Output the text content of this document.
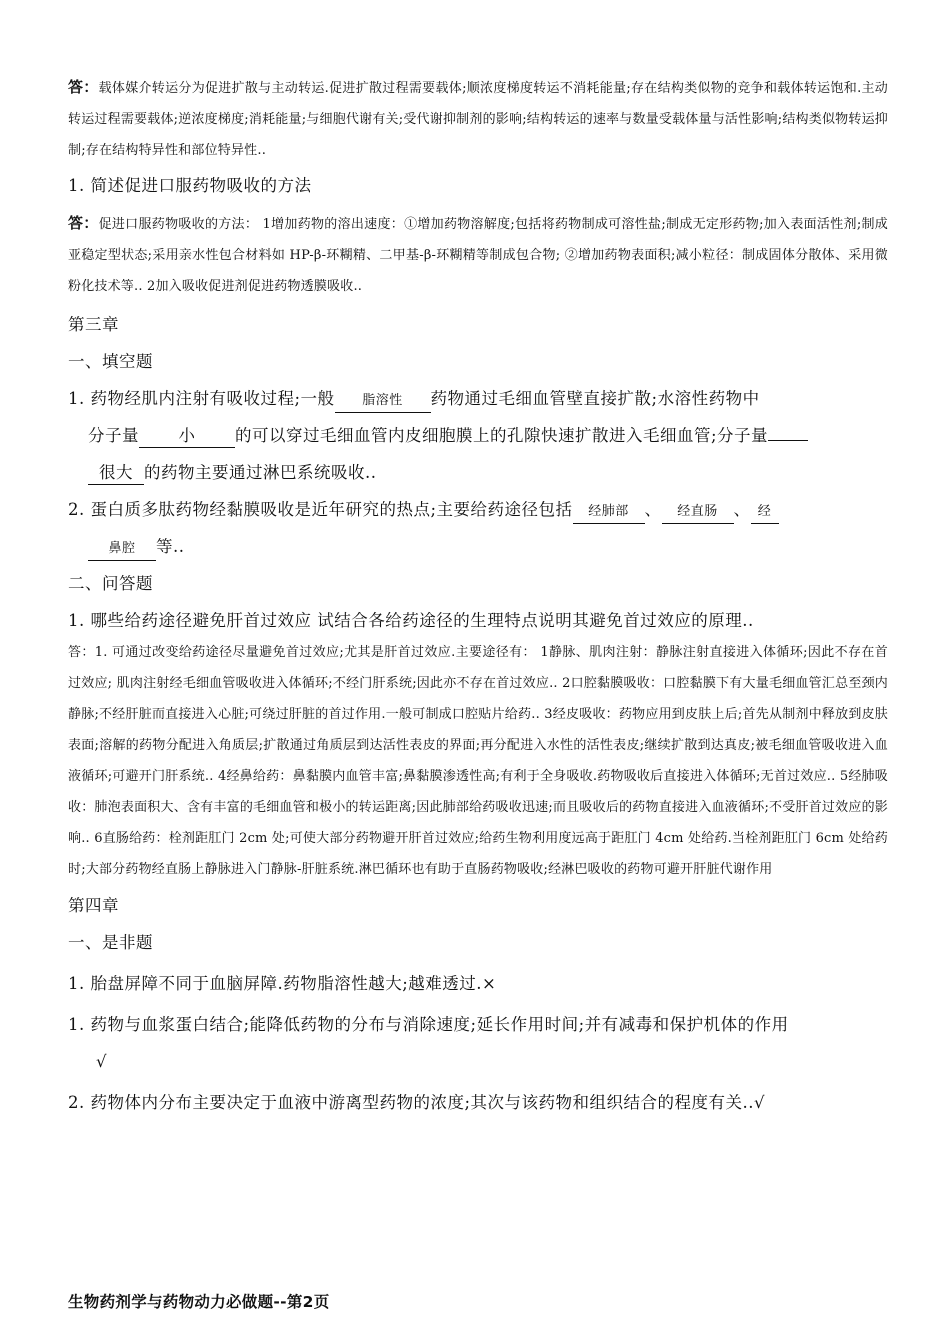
答：载体媒介转运分为促进扩散与主动转运.促进扩散过程需要载体;顺浓度梯度转运不消耗能量;存在结构类似物的竞争和载体转运饱和.主动转运过程需要载体;逆浓度梯度;消耗能量;与细胞代谢有关;受代谢抑制剂的影响;结构转运的速率与数量受载体量与活性影响;结构类似物转运抑制;存在结构特异性和部位特异性..

1. 简述促进口服药物吸收的方法

答：促进口服药物吸收的方法： 1增加药物的溶出速度：①增加药物溶解度;包括将药物制成可溶性盐;制成无定形药物;加入表面活性剂;制成亚稳定型状态;采用亲水性包合材料如 HP-β-环糊精、二甲基-β-环糊精等制成包合物; ②增加药物表面积;减小粒径：制成固体分散体、采用微粉化技术等.. 2加入吸收促进剂促进药物透膜吸收..

第三章

一、填空题

1. 药物经肌内注射有吸收过程;一般 脂溶性 药物通过毛细血管壁直接扩散;水溶性药物中

分子量 小 的可以穿过毛细血管内皮细胞膜上的孔隙快速扩散进入毛细血管;分子量

很大 的药物主要通过淋巴系统吸收..

2. 蛋白质多肽药物经黏膜吸收是近年研究的热点;主要给药途径包括 经肺部 、 经直肠 、 经

鼻腔 等..

二、问答题

1. 哪些给药途径避免肝首过效应 试结合各给药途径的生理特点说明其避免首过效应的原理..

答：1. 可通过改变给药途径尽量避免首过效应;尤其是肝首过效应.主要途径有： 1静脉、肌肉注射：静脉注射直接进入体循环;因此不存在首过效应; 肌肉注射经毛细血管吸收进入体循环;不经门肝系统;因此亦不存在首过效应.. 2口腔黏膜吸收：口腔黏膜下有大量毛细血管汇总至颈内静脉;不经肝脏而直接进入心脏;可绕过肝脏的首过作用.一般可制成口腔贴片给药.. 3经皮吸收：药物应用到皮肤上后;首先从制剂中释放到皮肤表面;溶解的药物分配进入角质层;扩散通过角质层到达活性表皮的界面;再分配进入水性的活性表皮;继续扩散到达真皮;被毛细血管吸收进入血液循环;可避开门肝系统.. 4经鼻给药：鼻黏膜内血管丰富;鼻黏膜渗透性高;有利于全身吸收.药物吸收后直接进入体循环;无首过效应.. 5经肺吸收：肺泡表面积大、含有丰富的毛细血管和极小的转运距离;因此肺部给药吸收迅速;而且吸收后的药物直接进入血液循环;不受肝首过效应的影响.. 6直肠给药：栓剂距肛门 2cm 处;可使大部分药物避开肝首过效应;给药生物利用度远高于距肛门 4cm 处给药.当栓剂距肛门 6cm 处给药时;大部分药物经直肠上静脉进入门静脉-肝脏系统.淋巴循环也有助于直肠药物吸收;经淋巴吸收的药物可避开肝脏代谢作用

第四章

一、是非题

1. 胎盘屏障不同于血脑屏障.药物脂溶性越大;越难透过.×

1. 药物与血浆蛋白结合;能降低药物的分布与消除速度;延长作用时间;并有减毒和保护机体的作用

√

2. 药物体内分布主要决定于血液中游离型药物的浓度;其次与该药物和组织结合的程度有关..√

生物药剂学与药物动力必做题--第2页
